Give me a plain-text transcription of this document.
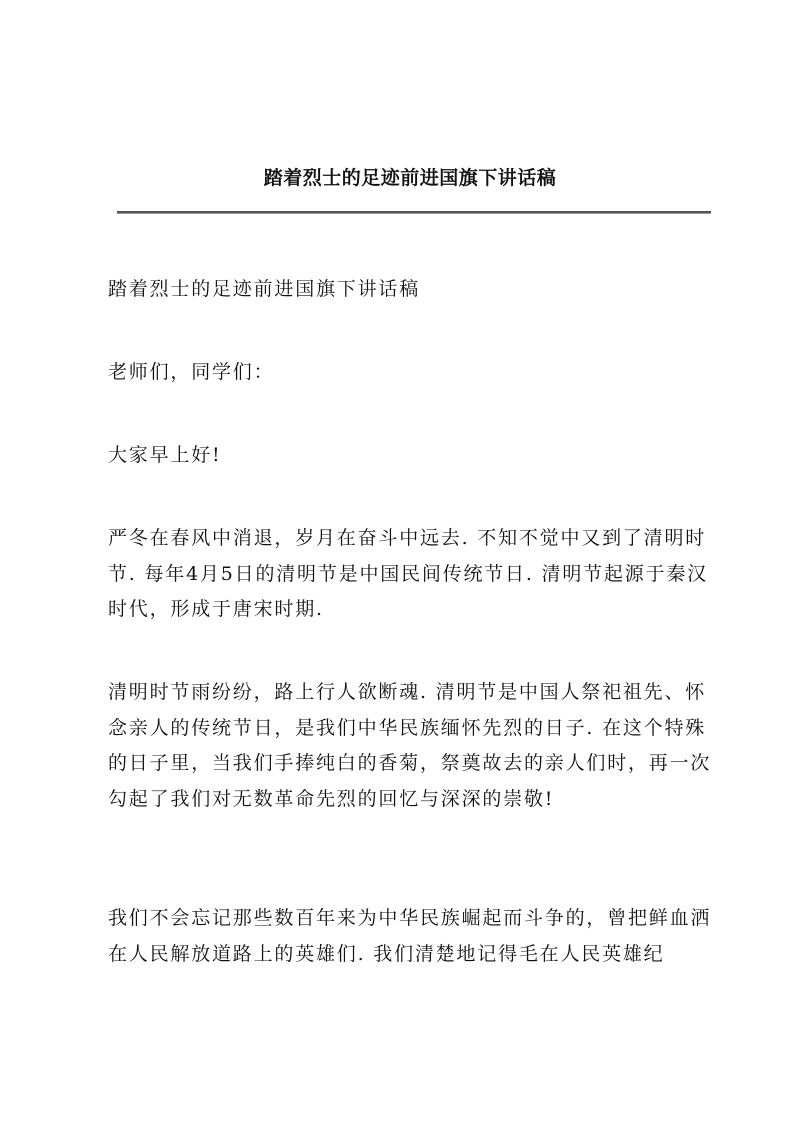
踏着烈士的足迹前进国旗下讲话稿
踏着烈士的足迹前进国旗下讲话稿
老师们，同学们：
大家早上好!
严冬在春风中消退，岁月在奋斗中远去. 不知不觉中又到了清明时节. 每年4月5日的清明节是中国民间传统节日. 清明节起源于秦汉时代，形成于唐宋时期.
清明时节雨纷纷，路上行人欲断魂. 清明节是中国人祭祀祖先、怀念亲人的传统节日，是我们中华民族缅怀先烈的日子. 在这个特殊的日子里，当我们手捧纯白的香菊，祭奠故去的亲人们时，再一次勾起了我们对无数革命先烈的回忆与深深的崇敬!
我们不会忘记那些数百年来为中华民族崛起而斗争的，曾把鲜血洒在人民解放道路上的英雄们. 我们清楚地记得毛在人民英雄纪
